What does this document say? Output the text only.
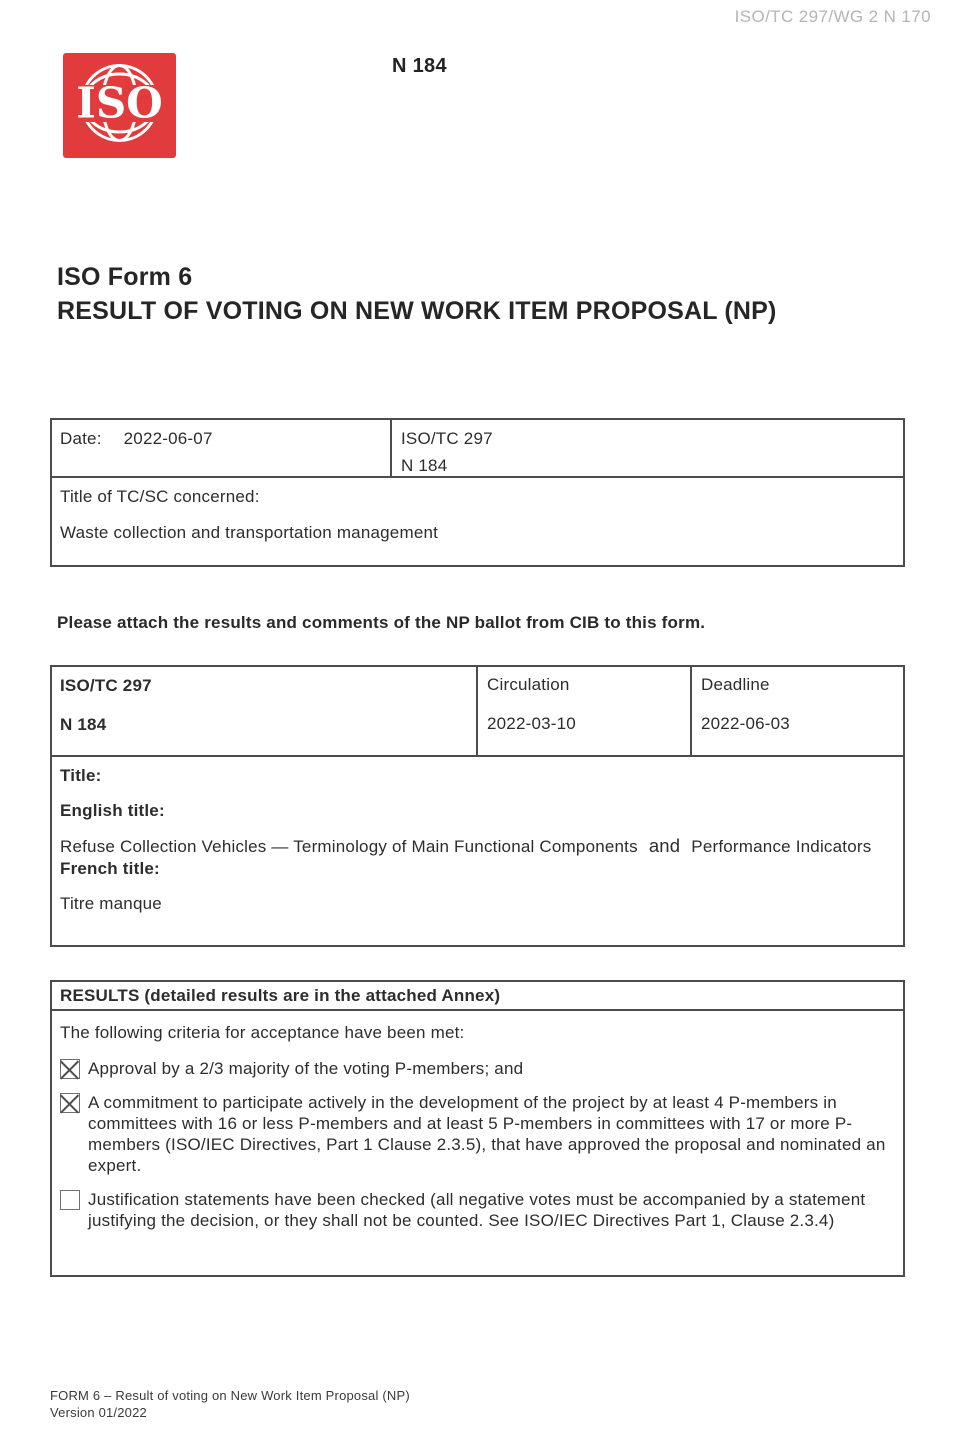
ISO/TC 297/WG 2 N 170
ISO
N 184
ISO Form 6
RESULT OF VOTING ON NEW WORK ITEM PROPOSAL (NP)
Date: 2022-06-07	ISO/TC 297
N 184
Title of TC/SC concerned:
Waste collection and transportation management

Please attach the results and comments of the NP ballot from CIB to this form.

ISO/TC 297
N 184
Circulation
2022-03-10
Deadline
2022-06-03
Title:
English title:
Refuse Collection Vehicles — Terminology of Main Functional Components and Performance Indicators
French title:
Titre manque
RESULTS (detailed results are in the attached Annex)
The following criteria for acceptance have been met:
Approval by a 2/3 majority of the voting P-members; and
A commitment to participate actively in the development of the project by at least 4 P-members in committees with 16 or less P-members and at least 5 P-members in committees with 17 or more P-members (ISO/IEC Directives, Part 1 Clause 2.3.5), that have approved the proposal and nominated an expert.
Justification statements have been checked (all negative votes must be accompanied by a statement justifying the decision, or they shall not be counted. See ISO/IEC Directives Part 1, Clause 2.3.4)
FORM 6 – Result of voting on New Work Item Proposal (NP)
Version 01/2022
